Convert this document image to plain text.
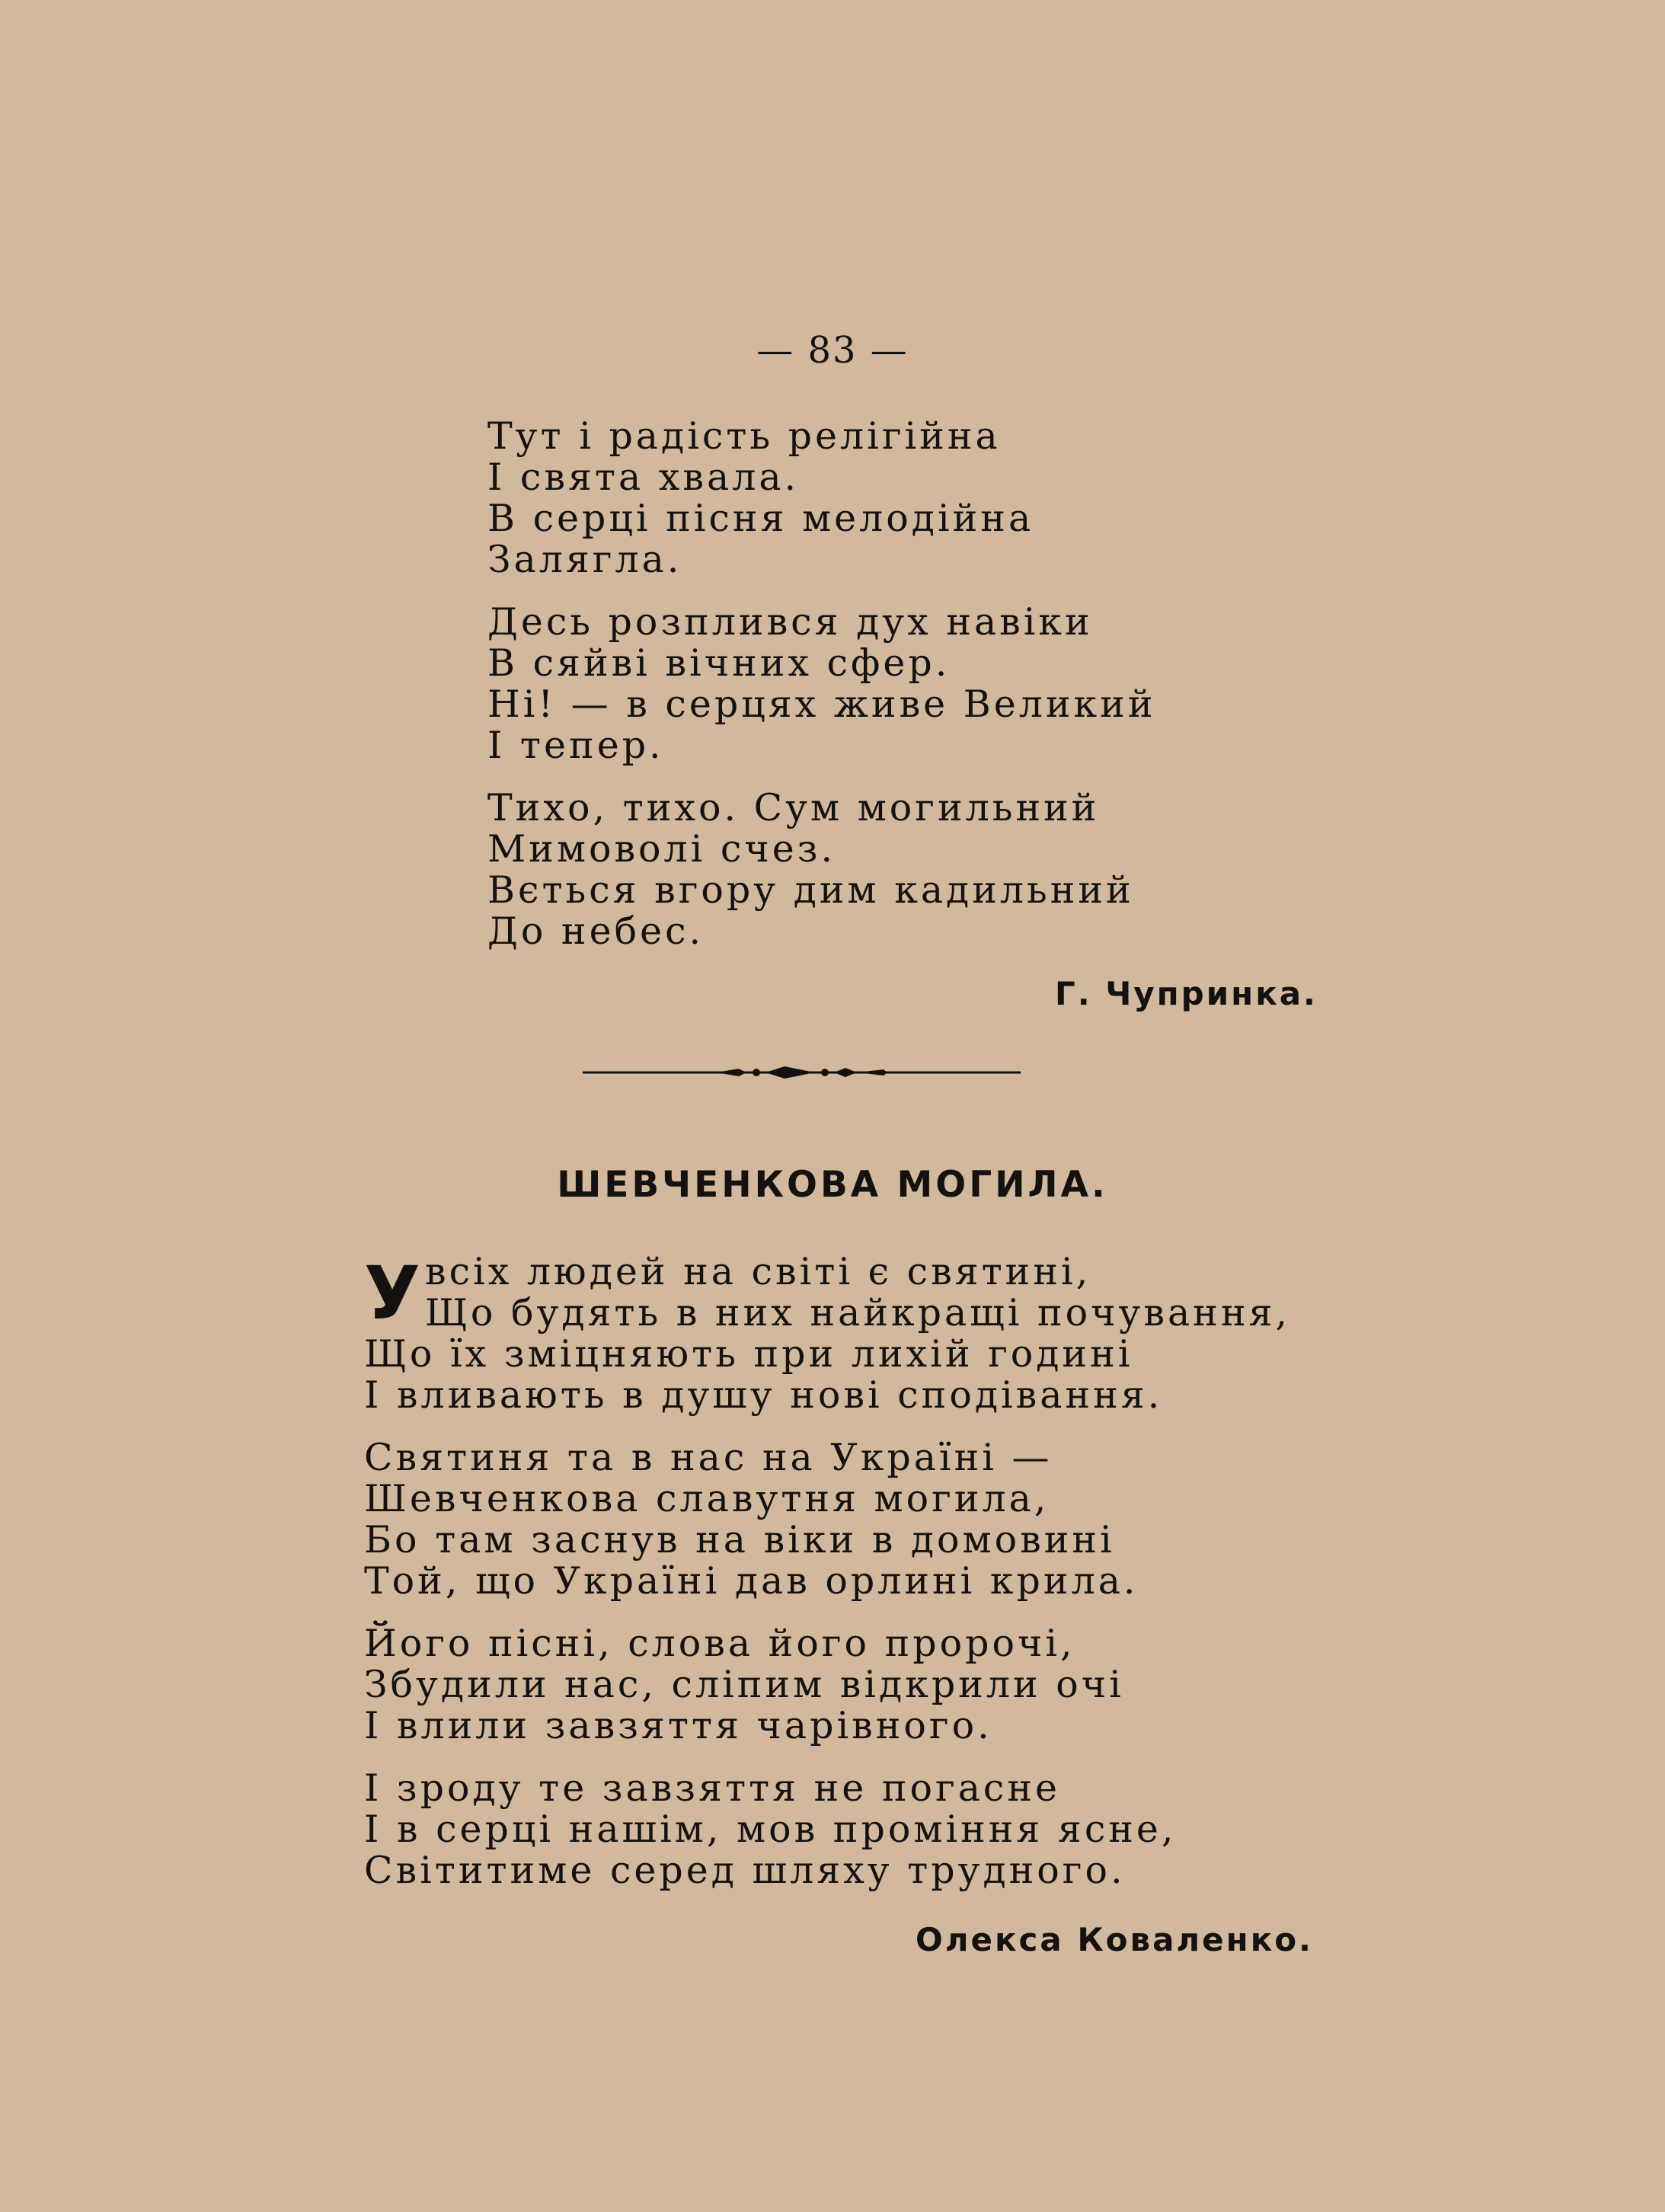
— 83 —
Тут і радість релігійна
І свята хвала.
В серці пісня мелодійна
Залягла.
Десь розплився дух навіки
В сяйві вічних сфер.
Ні! — в серцях живе Великий
І тепер.
Тихо, тихо. Сум могильний
Мимоволі счез.
Вється вгору дим кадильний
До небес.
Г. Чупринка.
ШЕВЧЕНКОВА МОГИЛА.
У всіх людей на світі є святині,
Що будять в них найкращі почування,
Що їх зміцняють при лихій годині
І вливають в душу нові сподівання.
Святиня та в нас на Україні —
Шевченкова славутня могила,
Бо там заснув на віки в домовині
Той, що Україні дав орлині крила.
Його пісні, слова його пророчі,
Збудили нас, сліпим відкрили очі
І влили завзяття чарівного.
І зроду те завзяття не погасне
І в серці нашім, мов проміння ясне,
Світитиме серед шляху трудного.
Олекса Коваленко.
